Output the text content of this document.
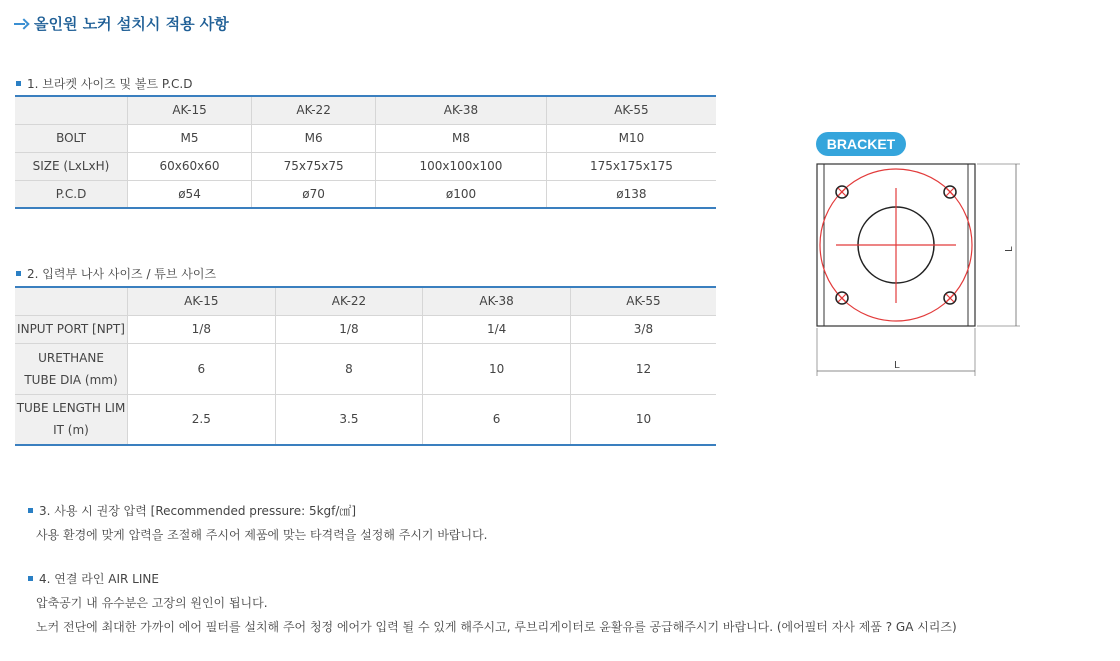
올인원 노커 설치시 적용 사항
1. 브라켓 사이즈 및 볼트 P.C.D
	AK-15	AK-22	AK-38	AK-55
BOLT	M5	M6	M8	M10
SIZE (LxLxH)	60x60x60	75x75x75	100x100x100	175x175x175
P.C.D	ø54	ø70	ø100	ø138
2. 입력부 나사 사이즈 / 튜브 사이즈
	AK-15	AK-22	AK-38	AK-55
INPUT PORT [NPT]	1/8	1/8	1/4	3/8

URETHANE
TUBE DIA (mm)	6	8	10	12

TUBE LENGTH LIM
IT (m)	2.5	3.5	6	10
3. 사용 시 권장 압력 [Recommended pressure: 5kgf/㎠]
사용 환경에 맞게 압력을 조절해 주시어 제품에 맞는 타격력을 설정해 주시기 바랍니다.
4. 연결 라인 AIR LINE
압축공기 내 유수분은 고장의 원인이 됩니다.
노커 전단에 최대한 가까이 에어 필터를 설치해 주어 청정 에어가 입력 될 수 있게 해주시고, 루브리게이터로 윤활유를 공급해주시기 바랍니다. (에어필터 자사 제품 ? GA 시리즈)
L
L
BRACKET
